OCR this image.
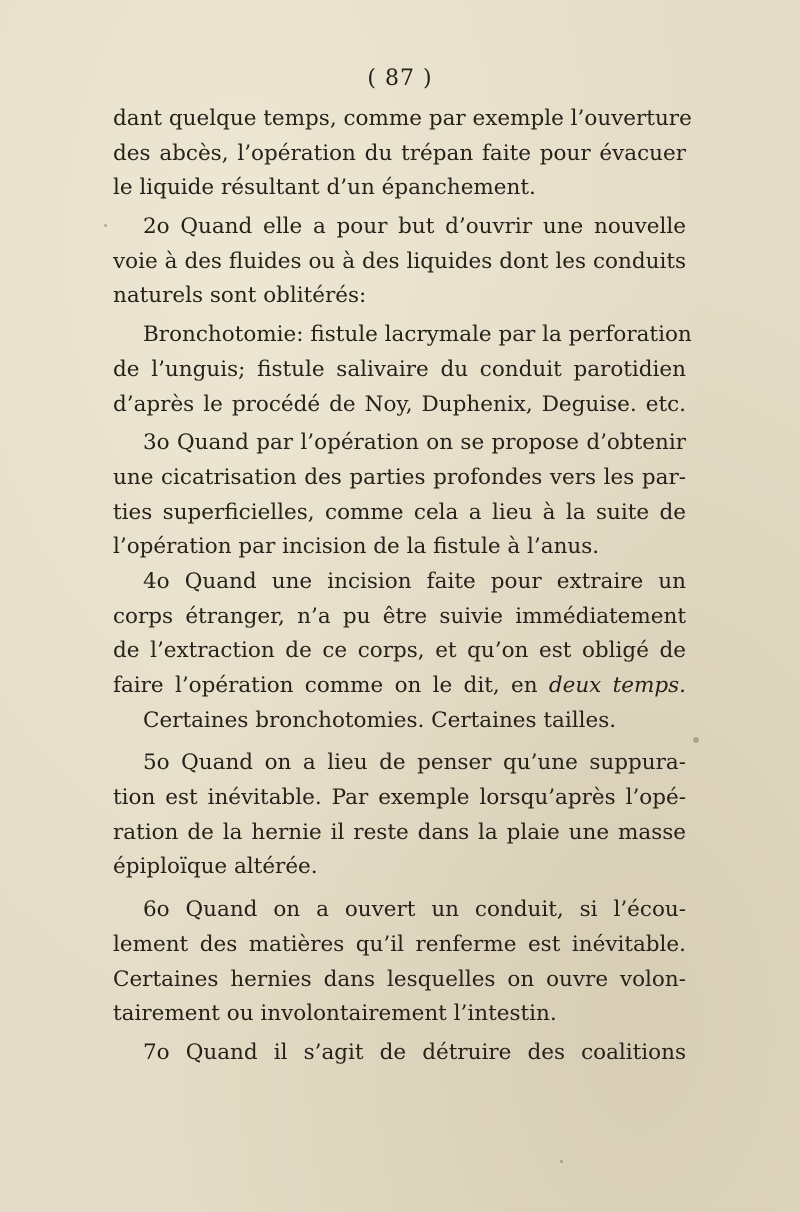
( 87 )
dant quelque temps, comme par exemple l’ouverture
des abcès, l’opération du trépan faite pour évacuer
le liquide résultant d’un épanchement.
2o Quand elle a pour but d’ouvrir une nouvelle
voie à des fluides ou à des liquides dont les conduits
naturels sont oblitérés:
Bronchotomie: fistule lacrymale par la perforation
de l’unguis; fistule salivaire du conduit parotidien
d’après le procédé de Noy, Duphenix, Deguise. etc.
3o Quand par l’opération on se propose d’obtenir
une cicatrisation des parties profondes vers les par-
ties superficielles, comme cela a lieu à la suite de
l’opération par incision de la fistule à l’anus.
4o Quand une incision faite pour extraire un
corps étranger, n’a pu être suivie immédiatement
de l’extraction de ce corps, et qu’on est obligé de
faire l’opération comme on le dit, en deux temps.
Certaines bronchotomies. Certaines tailles.
5o Quand on a lieu de penser qu’une suppura-
tion est inévitable. Par exemple lorsqu’après l’opé-
ration de la hernie il reste dans la plaie une masse
épiploïque altérée.
6o Quand on a ouvert un conduit, si l’écou-
lement des matières qu’il renferme est inévitable.
Certaines hernies dans lesquelles on ouvre volon-
tairement ou involontairement l’intestin.
7o Quand il s’agit de détruire des coalitions
